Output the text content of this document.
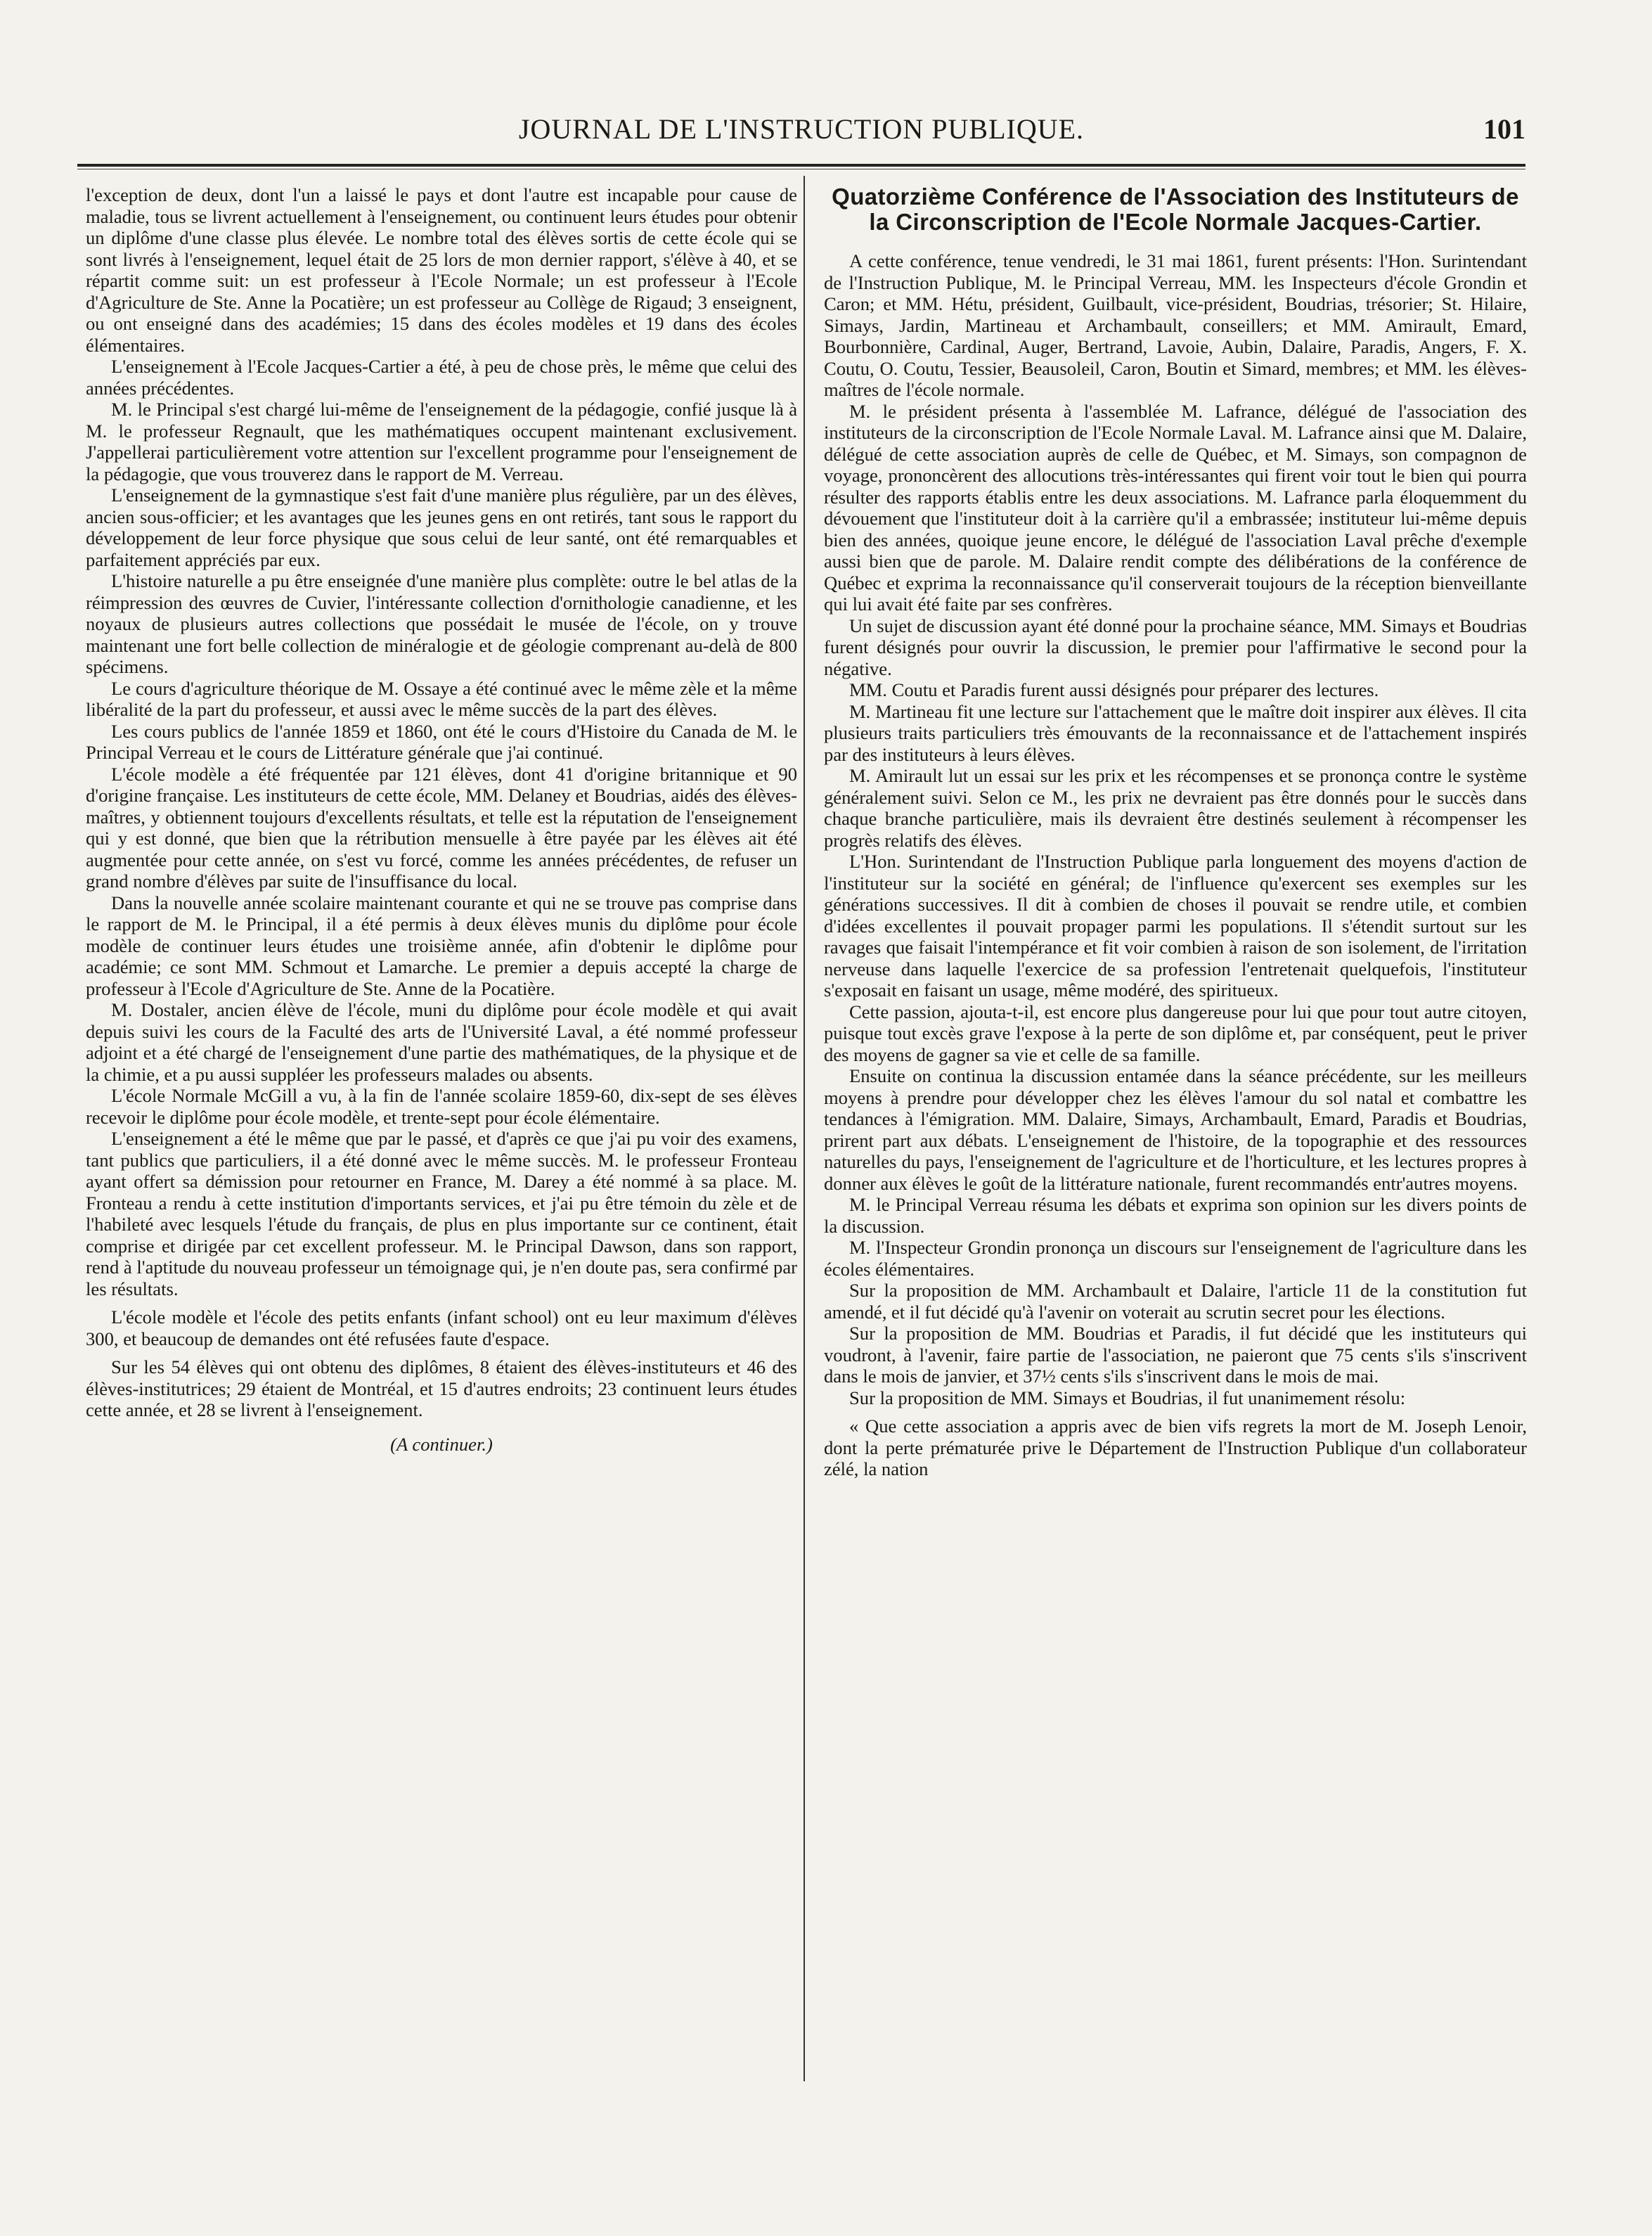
JOURNAL DE L'INSTRUCTION PUBLIQUE.	101

l'exception de deux, dont l'un a laissé le pays et dont l'autre est incapable pour cause de maladie, tous se livrent actuellement à l'enseignement, ou continuent leurs études pour obtenir un diplôme d'une classe plus élevée. Le nombre total des élèves sortis de cette école qui se sont livrés à l'enseignement, lequel était de 25 lors de mon dernier rapport, s'élève à 40, et se répartit comme suit: un est professeur à l'Ecole Normale; un est professeur à l'Ecole d'Agriculture de Ste. Anne la Pocatière; un est professeur au Collège de Rigaud; 3 enseignent, ou ont enseigné dans des académies; 15 dans des écoles modèles et 19 dans des écoles élémentaires.

L'enseignement à l'Ecole Jacques-Cartier a été, à peu de chose près, le même que celui des années précédentes.

M. le Principal s'est chargé lui-même de l'enseignement de la pédagogie, confié jusque là à M. le professeur Regnault, que les mathématiques occupent maintenant exclusivement. J'appellerai particulièrement votre attention sur l'excellent programme pour l'enseignement de la pédagogie, que vous trouverez dans le rapport de M. Verreau.

L'enseignement de la gymnastique s'est fait d'une manière plus régulière, par un des élèves, ancien sous-officier; et les avantages que les jeunes gens en ont retirés, tant sous le rapport du développement de leur force physique que sous celui de leur santé, ont été remarquables et parfaitement appréciés par eux.

L'histoire naturelle a pu être enseignée d'une manière plus complète: outre le bel atlas de la réimpression des œuvres de Cuvier, l'intéressante collection d'ornithologie canadienne, et les noyaux de plusieurs autres collections que possédait le musée de l'école, on y trouve maintenant une fort belle collection de minéralogie et de géologie comprenant au-delà de 800 spécimens.

Le cours d'agriculture théorique de M. Ossaye a été continué avec le même zèle et la même libéralité de la part du professeur, et aussi avec le même succès de la part des élèves.

Les cours publics de l'année 1859 et 1860, ont été le cours d'Histoire du Canada de M. le Principal Verreau et le cours de Littérature générale que j'ai continué.

L'école modèle a été fréquentée par 121 élèves, dont 41 d'origine britannique et 90 d'origine française. Les instituteurs de cette école, MM. Delaney et Boudrias, aidés des élèves-maîtres, y obtiennent toujours d'excellents résultats, et telle est la réputation de l'enseignement qui y est donné, que bien que la rétribution mensuelle à être payée par les élèves ait été augmentée pour cette année, on s'est vu forcé, comme les années précédentes, de refuser un grand nombre d'élèves par suite de l'insuffisance du local.

Dans la nouvelle année scolaire maintenant courante et qui ne se trouve pas comprise dans le rapport de M. le Principal, il a été permis à deux élèves munis du diplôme pour école modèle de continuer leurs études une troisième année, afin d'obtenir le diplôme pour académie; ce sont MM. Schmout et Lamarche. Le premier a depuis accepté la charge de professeur à l'Ecole d'Agriculture de Ste. Anne de la Pocatière.

M. Dostaler, ancien élève de l'école, muni du diplôme pour école modèle et qui avait depuis suivi les cours de la Faculté des arts de l'Université Laval, a été nommé professeur adjoint et a été chargé de l'enseignement d'une partie des mathématiques, de la physique et de la chimie, et a pu aussi suppléer les professeurs malades ou absents.

L'école Normale McGill a vu, à la fin de l'année scolaire 1859-60, dix-sept de ses élèves recevoir le diplôme pour école modèle, et trente-sept pour école élémentaire.

L'enseignement a été le même que par le passé, et d'après ce que j'ai pu voir des examens, tant publics que particuliers, il a été donné avec le même succès. M. le professeur Fronteau ayant offert sa démission pour retourner en France, M. Darey a été nommé à sa place. M. Fronteau a rendu à cette institution d'importants services, et j'ai pu être témoin du zèle et de l'habileté avec lesquels l'étude du français, de plus en plus importante sur ce continent, était comprise et dirigée par cet excellent professeur. M. le Principal Dawson, dans son rapport, rend à l'aptitude du nouveau professeur un témoignage qui, je n'en doute pas, sera confirmé par les résultats.

L'école modèle et l'école des petits enfants (infant school) ont eu leur maximum d'élèves 300, et beaucoup de demandes ont été refusées faute d'espace.

Sur les 54 élèves qui ont obtenu des diplômes, 8 étaient des élèves-instituteurs et 46 des élèves-institutrices; 29 étaient de Montréal, et 15 d'autres endroits; 23 continuent leurs études cette année, et 28 se livrent à l'enseignement.

(A continuer.)
Quatorzième Conférence de l'Association des Instituteurs de la Circonscription de l'Ecole Normale Jacques-Cartier.

A cette conférence, tenue vendredi, le 31 mai 1861, furent présents: l'Hon. Surintendant de l'Instruction Publique, M. le Principal Verreau, MM. les Inspecteurs d'école Grondin et Caron; et MM. Hétu, président, Guilbault, vice-président, Boudrias, trésorier; St. Hilaire, Simays, Jardin, Martineau et Archambault, conseillers; et MM. Amirault, Emard, Bourbonnière, Cardinal, Auger, Bertrand, Lavoie, Aubin, Dalaire, Paradis, Angers, F. X. Coutu, O. Coutu, Tessier, Beausoleil, Caron, Boutin et Simard, membres; et MM. les élèves-maîtres de l'école normale.

M. le président présenta à l'assemblée M. Lafrance, délégué de l'association des instituteurs de la circonscription de l'Ecole Normale Laval. M. Lafrance ainsi que M. Dalaire, délégué de cette association auprès de celle de Québec, et M. Simays, son compagnon de voyage, prononcèrent des allocutions très-intéressantes qui firent voir tout le bien qui pourra résulter des rapports établis entre les deux associations. M. Lafrance parla éloquemment du dévouement que l'instituteur doit à la carrière qu'il a embrassée; instituteur lui-même depuis bien des années, quoique jeune encore, le délégué de l'association Laval prêche d'exemple aussi bien que de parole. M. Dalaire rendit compte des délibérations de la conférence de Québec et exprima la reconnaissance qu'il conserverait toujours de la réception bienveillante qui lui avait été faite par ses confrères.

Un sujet de discussion ayant été donné pour la prochaine séance, MM. Simays et Boudrias furent désignés pour ouvrir la discussion, le premier pour l'affirmative le second pour la négative.

MM. Coutu et Paradis furent aussi désignés pour préparer des lectures.

M. Martineau fit une lecture sur l'attachement que le maître doit inspirer aux élèves. Il cita plusieurs traits particuliers très émouvants de la reconnaissance et de l'attachement inspirés par des instituteurs à leurs élèves.

M. Amirault lut un essai sur les prix et les récompenses et se prononça contre le système généralement suivi. Selon ce M., les prix ne devraient pas être donnés pour le succès dans chaque branche particulière, mais ils devraient être destinés seulement à récompenser les progrès relatifs des élèves.

L'Hon. Surintendant de l'Instruction Publique parla longuement des moyens d'action de l'instituteur sur la société en général; de l'influence qu'exercent ses exemples sur les générations successives. Il dit à combien de choses il pouvait se rendre utile, et combien d'idées excellentes il pouvait propager parmi les populations. Il s'étendit surtout sur les ravages que faisait l'intempérance et fit voir combien à raison de son isolement, de l'irritation nerveuse dans laquelle l'exercice de sa profession l'entretenait quelquefois, l'instituteur s'exposait en faisant un usage, même modéré, des spiritueux.

Cette passion, ajouta-t-il, est encore plus dangereuse pour lui que pour tout autre citoyen, puisque tout excès grave l'expose à la perte de son diplôme et, par conséquent, peut le priver des moyens de gagner sa vie et celle de sa famille.

Ensuite on continua la discussion entamée dans la séance précédente, sur les meilleurs moyens à prendre pour développer chez les élèves l'amour du sol natal et combattre les tendances à l'émigration. MM. Dalaire, Simays, Archambault, Emard, Paradis et Boudrias, prirent part aux débats. L'enseignement de l'histoire, de la topographie et des ressources naturelles du pays, l'enseignement de l'agriculture et de l'horticulture, et les lectures propres à donner aux élèves le goût de la littérature nationale, furent recommandés entr'autres moyens.

M. le Principal Verreau résuma les débats et exprima son opinion sur les divers points de la discussion.

M. l'Inspecteur Grondin prononça un discours sur l'enseignement de l'agriculture dans les écoles élémentaires.

Sur la proposition de MM. Archambault et Dalaire, l'article 11 de la constitution fut amendé, et il fut décidé qu'à l'avenir on voterait au scrutin secret pour les élections.

Sur la proposition de MM. Boudrias et Paradis, il fut décidé que les instituteurs qui voudront, à l'avenir, faire partie de l'association, ne paieront que 75 cents s'ils s'inscrivent dans le mois de janvier, et 37½ cents s'ils s'inscrivent dans le mois de mai.

Sur la proposition de MM. Simays et Boudrias, il fut unanimement résolu:

« Que cette association a appris avec de bien vifs regrets la mort de M. Joseph Lenoir, dont la perte prématurée prive le Département de l'Instruction Publique d'un collaborateur zélé, la nation
